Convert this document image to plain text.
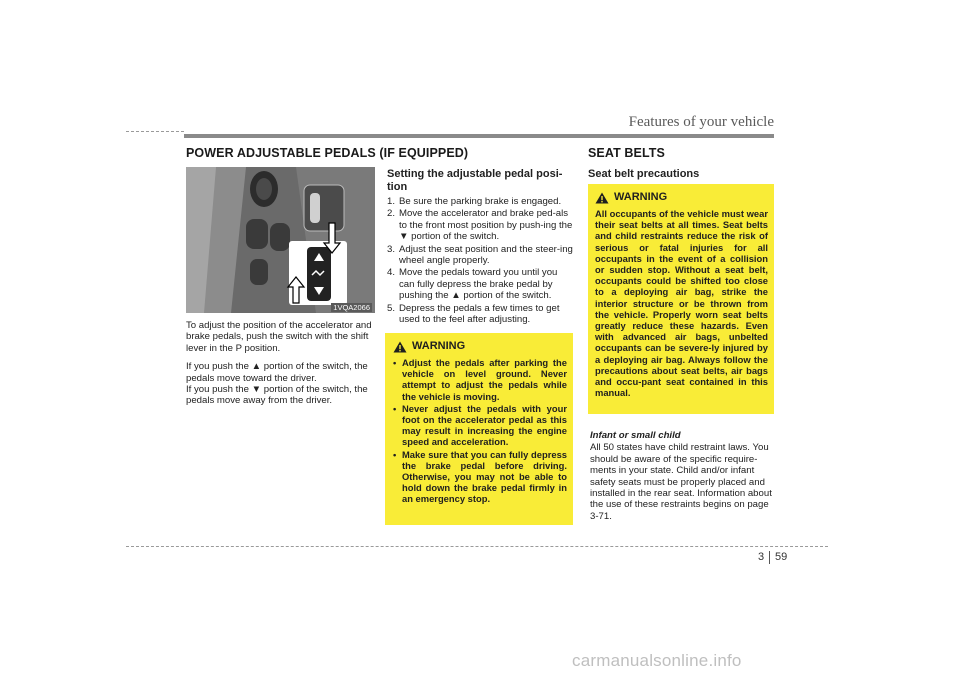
Features of your vehicle
POWER ADJUSTABLE PEDALS (IF EQUIPPED)	SEAT BELTS
1VQA2066

To adjust the position of the accelerator and brake pedals, push the switch with the shift lever in the P position.

If you push the ▲ portion of the switch, the pedals move toward the driver.

If you push the ▼ portion of the switch, the pedals move away from the driver.

Setting the adjustable pedal posi-tion

1. Be sure the parking brake is engaged.
2. Move the accelerator and brake ped-als to the front most position by push-ing the ▼ portion of the switch.
3. Adjust the seat position and the steer-ing wheel angle properly.
4. Move the pedals toward you until you can fully depress the brake pedal by pushing the ▲ portion of the switch.
5. Depress the pedals a few times to get used to the feel after adjusting.
WARNING
• Adjust the pedals after parking the vehicle on level ground. Never attempt to adjust the pedals while the vehicle is moving.
• Never adjust the pedals with your foot on the accelerator pedal as this may result in increasing the engine speed and acceleration.
• Make sure that you can fully depress the brake pedal before driving. Otherwise, you may not be able to hold down the brake pedal firmly in an emergency stop.

Seat belt precautions

WARNING
All occupants of the vehicle must wear their seat belts at all times. Seat belts and child restraints reduce the risk of serious or fatal injuries for all occupants in the event of a collision or sudden stop. Without a seat belt, occupants could be shifted too close to a deploying air bag, strike the interior structure or be thrown from the vehicle. Properly worn seat belts greatly reduce these hazards. Even with advanced air bags, unbelted occupants can be severe-ly injured by a deploying air bag. Always follow the precautions about seat belts, air bags and occu-pant seat contained in this manual.

Infant or small child

All 50 states have child restraint laws. You should be aware of the specific require-ments in your state. Child and/or infant safety seats must be properly placed and installed in the rear seat. Information about the use of these restraints begins on page 3-71.

3 59
carmanualsonline.info
